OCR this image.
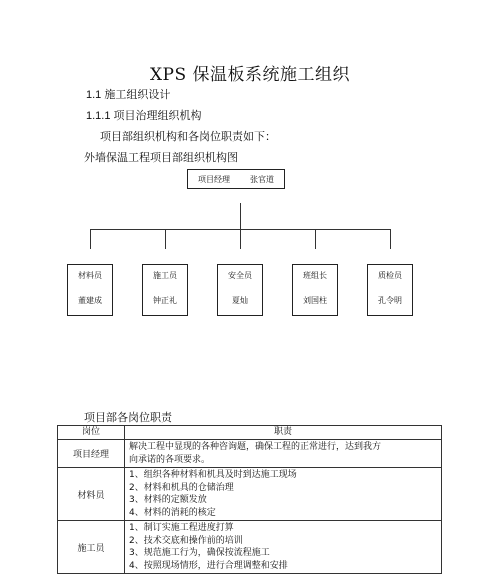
XPS 保温板系统施工组织
1.1 施工组织设计
1.1.1 项目治理组织机构
项目部组织机构和各岗位职责如下：
外墙保温工程项目部组织机构图
项目经理	张官道
材料员
董建成
施工员
钟正礼
安全员
夏灿
班组长
刘国柱
质检员
孔令明
项目部各岗位职责
岗位	职责
项目经理	解决工程中显现的各种咨询题，确保工程的正常进行，达到我方
向承诺的各项要求。

材料员	1、组织各种材料和机具及时到达施工现场
2、材料和机具的仓储治理
3、材料的定额发放
4、材料的消耗的核定

施工员	1、制订实施工程进度打算
2、技术交底和操作前的培训
3、规范施工行为，确保按流程施工
4、按照现场情形，进行合理调整和安排
